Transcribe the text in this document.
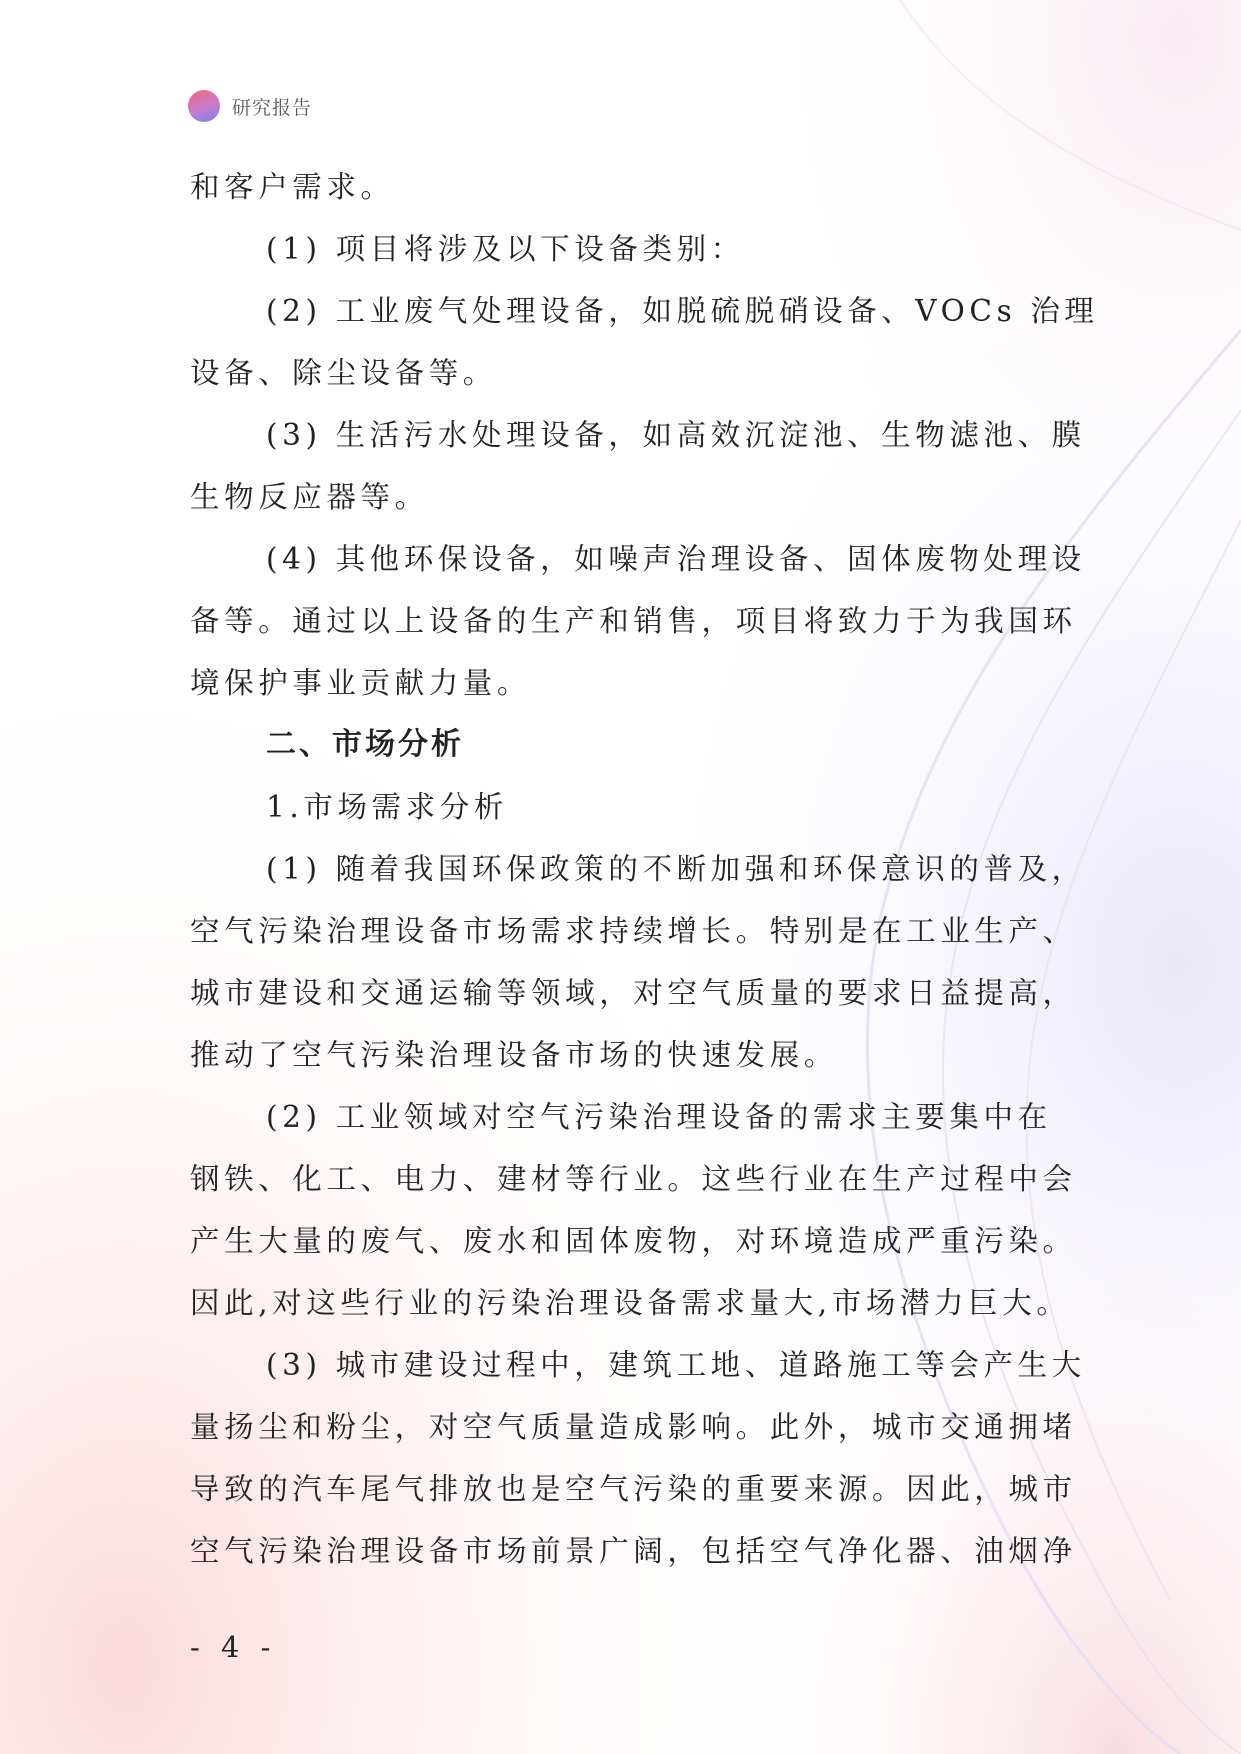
研究报告
和客户需求。
(1) 项目将涉及以下设备类别：
(2) 工业废气处理设备，如脱硫脱硝设备、VOCs 治理
设备、除尘设备等。
(3) 生活污水处理设备，如高效沉淀池、生物滤池、膜
生物反应器等。
(4) 其他环保设备，如噪声治理设备、固体废物处理设
备等。通过以上设备的生产和销售，项目将致力于为我国环
境保护事业贡献力量。
二、市场分析
1.市场需求分析
(1) 随着我国环保政策的不断加强和环保意识的普及，
空气污染治理设备市场需求持续增长。特别是在工业生产、
城市建设和交通运输等领域，对空气质量的要求日益提高，
推动了空气污染治理设备市场的快速发展。
(2) 工业领域对空气污染治理设备的需求主要集中在
钢铁、化工、电力、建材等行业。这些行业在生产过程中会
产生大量的废气、废水和固体废物，对环境造成严重污染。
因此,对这些行业的污染治理设备需求量大,市场潜力巨大。
(3) 城市建设过程中，建筑工地、道路施工等会产生大
量扬尘和粉尘，对空气质量造成影响。此外，城市交通拥堵
导致的汽车尾气排放也是空气污染的重要来源。因此，城市
空气污染治理设备市场前景广阔，包括空气净化器、油烟净
- 4 -
